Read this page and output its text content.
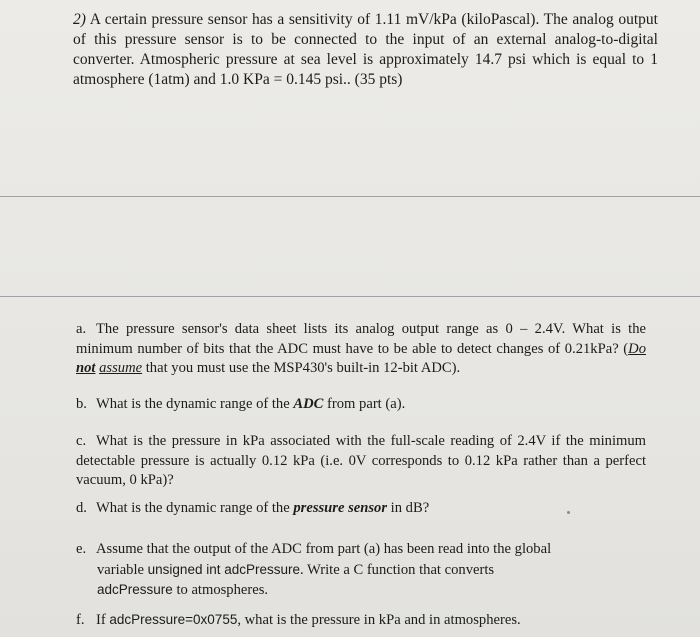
2) A certain pressure sensor has a sensitivity of 1.11 mV/kPa (kiloPascal). The analog output of this pressure sensor is to be connected to the input of an external analog-to-digital converter. Atmospheric pressure at sea level is approximately 14.7 psi which is equal to 1 atmosphere (1atm) and 1.0 KPa = 0.145 psi.. (35 pts)
a. The pressure sensor's data sheet lists its analog output range as 0 – 2.4V. What is the minimum number of bits that the ADC must have to be able to detect changes of 0.21kPa? (Do not assume that you must use the MSP430's built-in 12-bit ADC).
b. What is the dynamic range of the ADC from part (a).
c. What is the pressure in kPa associated with the full-scale reading of 2.4V if the minimum detectable pressure is actually 0.12 kPa (i.e. 0V corresponds to 0.12 kPa rather than a perfect vacuum, 0 kPa)?
d. What is the dynamic range of the pressure sensor in dB?
e. Assume that the output of the ADC from part (a) has been read into the global
variable unsigned int adcPressure. Write a C function that converts
adcPressure to atmospheres.
f. If adcPressure=0x0755, what is the pressure in kPa and in atmospheres.
